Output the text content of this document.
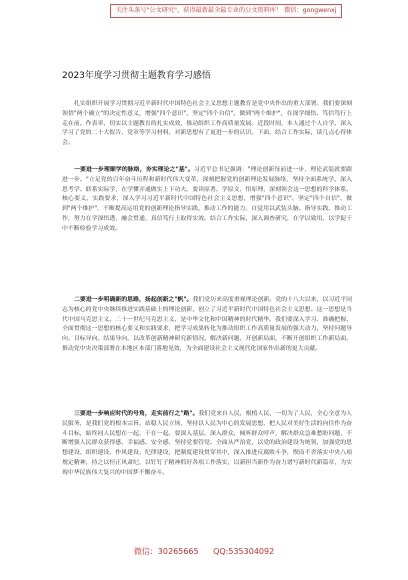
关注头条号"公文研究"，获得最新最全最专业的公文资料库！ 微信：gongwenxj
2023年度学习贯彻主题教育学习感悟

扎实组织开展学习贯彻习近平新时代中国特色社会主义思想主题教育是党中央作出的重大部署。我们要深刻领悟"两个确立"的决定性意义，增强"四个意识"、坚定"四个自信"、做到"两个维护"，在深学细悟、笃信笃行上走在前、作表率，切实以主题教育的扎实成效，推动组织工作高质量发展。近段时间，本人通过个人自学、深入学习了党的二十大报告、党章等学习材料，对新思想有了更进一步的认识。下面，结合工作实际，谈几点心得体会。

一要进一步理顺学的脉络，夯实理论之"基"。习近平总书记强调："理论创新每前进一步，理论武装就要跟进一步。"立足党的百年奋斗历程和新时代伟大变革，深刻把握党的创新理论发展脉络，坚持全面系统学、深入思考学、联系实际学，在学懂弄通做实上下功夫。要读原著、学原文、悟原理，深刻领会这一思想的科学体系、核心要义、实践要求，深入学习习近平新时代中国特色社会主义思想，增强"四个意识"、坚定"四个自信"、做到"两个维护"，不断提高运用党的创新理论指导实践、推动工作的能力。自觉用以武装头脑、指导实践、推动工作，努力在学深悟透、融会贯通、真信笃行上取得实效。结合工作实际，深入调查研究，在学以致用、以学促干中不断检验学习成效。

二要进一步明确新的思路，扬起创新之"帆"。我们党历来高度重视理论创新。党的十八大以来，以习近平同志为核心的党中央继续推进实践基础上的理论创新，创立了习近平新时代中国特色社会主义思想。这一思想是当代中国马克思主义、二十一世纪马克思主义，是中华文化和中国精神的时代精华。我们要深入学习、准确把握、全面贯彻这一思想的核心要义和实践要求，把学习成果转化为推动组织工作高质量发展的强大动力，坚持问题导向、目标导向、结果导向，以改革创新精神研究新情况、解决新问题、开创新局面，不断开创组织工作新局面，推动党中央决策部署在本地区本部门落地见效，为全面建设社会主义现代化国家作出新的更大贡献。

三要进一步响应时代的号角，走实前行之"路"。我们党来自人民，根植人民，一切为了人民，全心全意为人民服务，是我们党的根本宗旨。站稳人民立场，坚持以人民为中心的发展思想，把人民对美好生活的向往作为奋斗目标，始终同人民想在一起、干在一起。要深入基层、深入群众，倾听群众呼声，解决群众急难愁盼问题，不断增强人民群众获得感、幸福感、安全感。坚持党要管党、全面从严治党，以党的政治建设为统领，加强党的思想建设、组织建设、作风建设、纪律建设，把制度建设贯穿其中，深入推进反腐败斗争，锲而不舍落实中央八项规定精神，持之以恒正风肃纪，以钉钉子精神抓好各项工作落实，以新担当新作为奋力谱写新时代新篇章，为实现中华民族伟大复兴的中国梦不懈奋斗。

微信：30265665 QQ:535304092
